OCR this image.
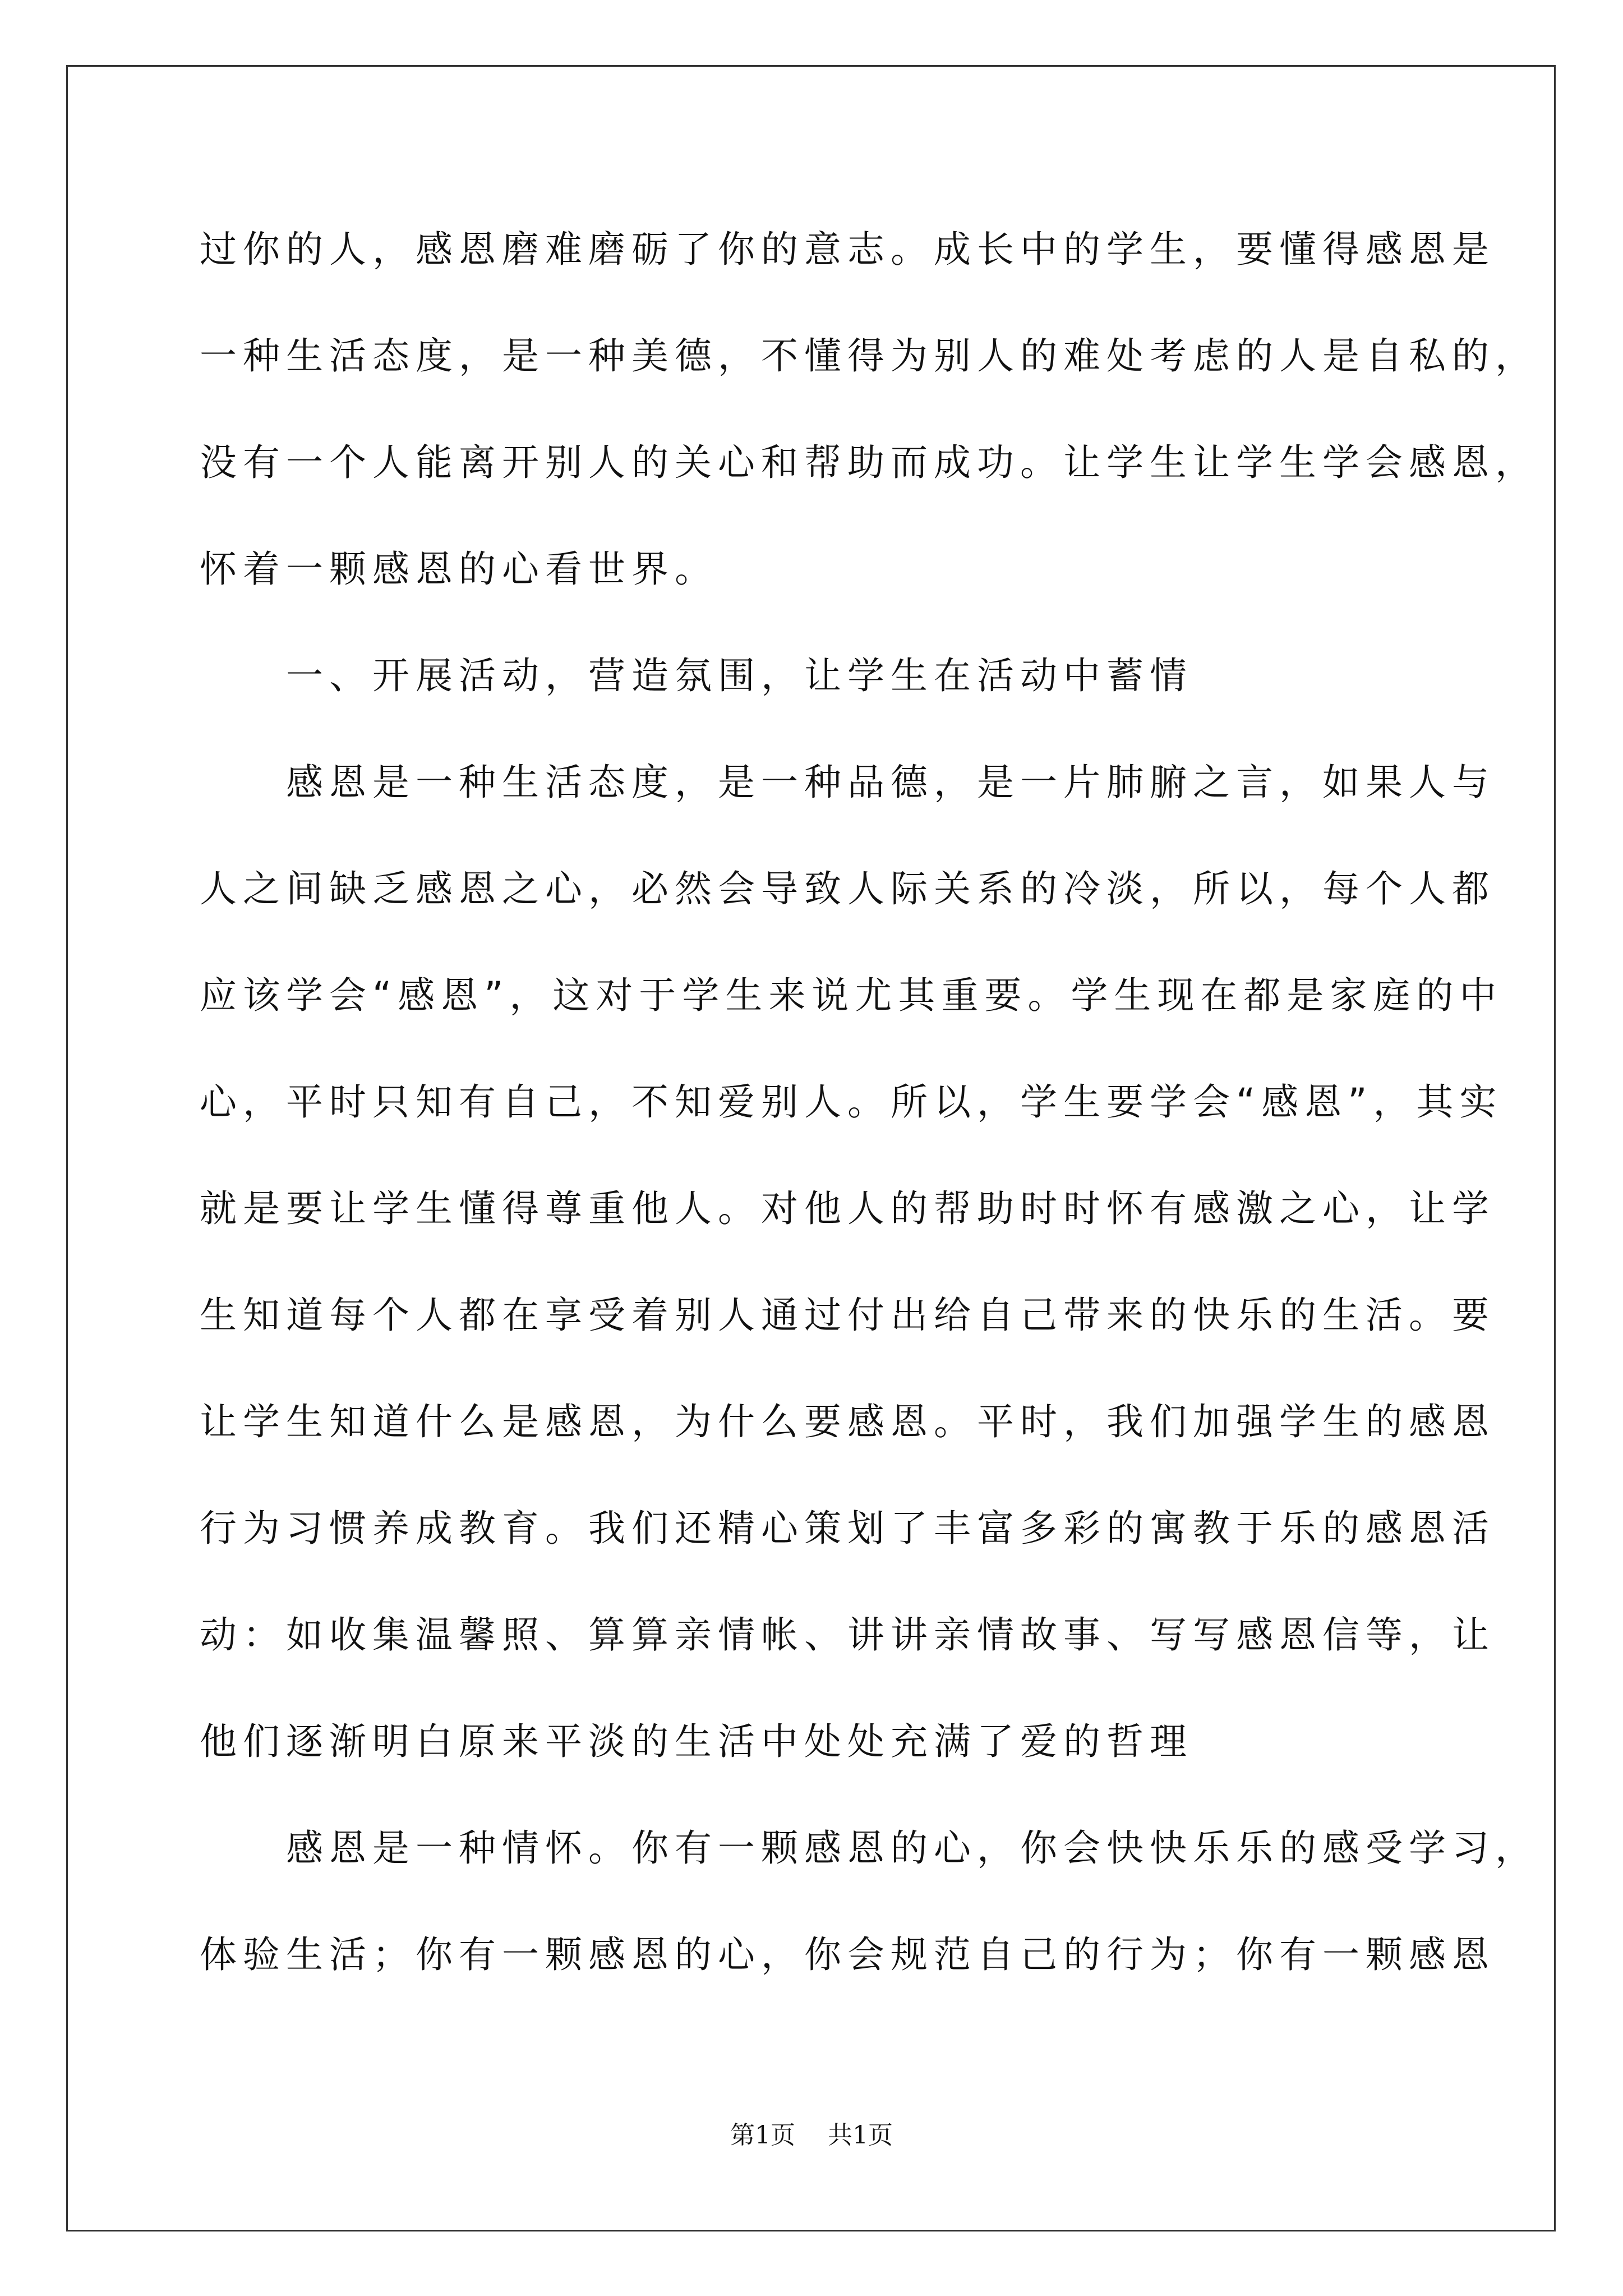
过你的人，感恩磨难磨砺了你的意志。成长中的学生，要懂得感恩是
一种生活态度，是一种美德，不懂得为别人的难处考虑的人是自私的，
没有一个人能离开别人的关心和帮助而成功。让学生让学生学会感恩，
怀着一颗感恩的心看世界。
一、开展活动，营造氛围，让学生在活动中蓄情
感恩是一种生活态度，是一种品德，是一片肺腑之言，如果人与
人之间缺乏感恩之心，必然会导致人际关系的冷淡，所以，每个人都
应该学会“感恩”，这对于学生来说尤其重要。学生现在都是家庭的中
心，平时只知有自己，不知爱别人。所以，学生要学会“感恩”，其实
就是要让学生懂得尊重他人。对他人的帮助时时怀有感激之心，让学
生知道每个人都在享受着别人通过付出给自己带来的快乐的生活。要
让学生知道什么是感恩，为什么要感恩。平时，我们加强学生的感恩
行为习惯养成教育。我们还精心策划了丰富多彩的寓教于乐的感恩活
动：如收集温馨照、算算亲情帐、讲讲亲情故事、写写感恩信等，让
他们逐渐明白原来平淡的生活中处处充满了爱的哲理
感恩是一种情怀。你有一颗感恩的心，你会快快乐乐的感受学习，
体验生活；你有一颗感恩的心，你会规范自己的行为；你有一颗感恩
第1页 共1页
